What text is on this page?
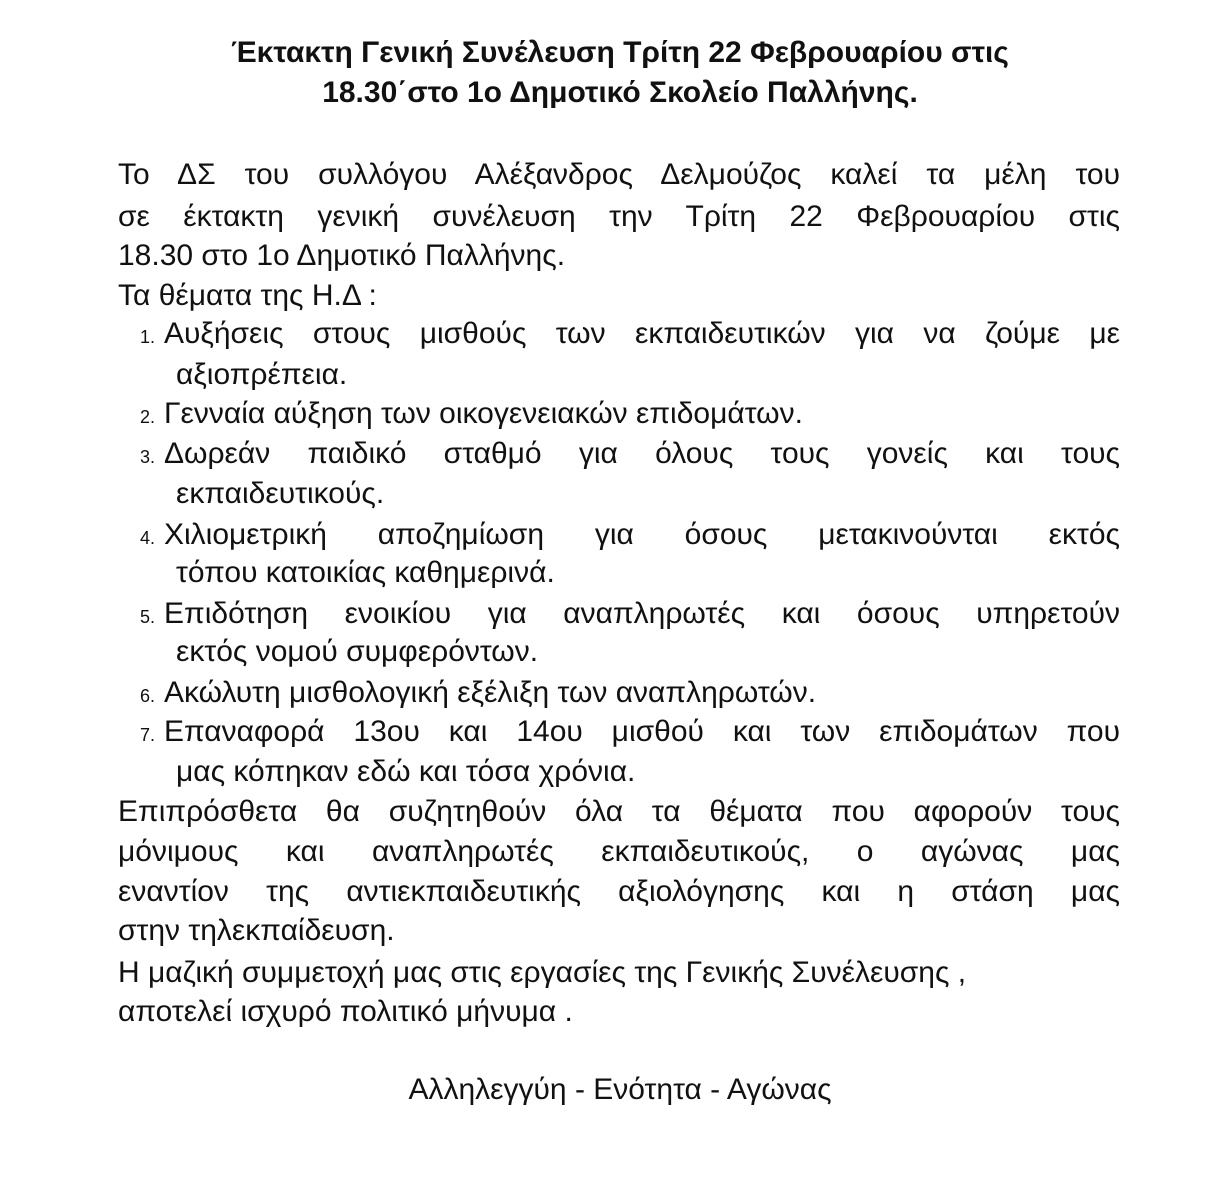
Έκτακτη Γενική Συνέλευση Τρίτη 22 Φεβρουαρίου στις
18.30΄στο 1ο Δημοτικό Σκολείο Παλλήνης.

Το ΔΣ του συλλόγου Αλέξανδρος Δελμούζος καλεί τα μέλη του

σε έκτακτη γενική συνέλευση την Τρίτη 22 Φεβρουαρίου στις

18.30 στο 1ο Δημοτικό Παλλήνης.

Τα θέματα της Η.Δ :

1. Αυξήσεις στους μισθούς των εκπαιδευτικών για να ζούμε με

αξιοπρέπεια.

2. Γενναία αύξηση των οικογενειακών επιδομάτων.
3. Δωρεάν παιδικό σταθμό για όλους τους γονείς και τους

εκπαιδευτικούς.

4. Χιλιομετρική αποζημίωση για όσους μετακινούνται εκτός

τόπου κατοικίας καθημερινά.

5. Επιδότηση ενοικίου για αναπληρωτές και όσους υπηρετούν

εκτός νομού συμφερόντων.

6. Ακώλυτη μισθολογική εξέλιξη των αναπληρωτών.
7. Επαναφορά 13ου και 14ου μισθού και των επιδομάτων που

μας κόπηκαν εδώ και τόσα χρόνια.

Επιπρόσθετα θα συζητηθούν όλα τα θέματα που αφορούν τους

μόνιμους και αναπληρωτές εκπαιδευτικούς, ο αγώνας μας

εναντίον της αντιεκπαιδευτικής αξιολόγησης και η στάση μας

στην τηλεκπαίδευση.

Η μαζική συμμετοχή μας στις εργασίες της Γενικής Συνέλευσης ,

αποτελεί ισχυρό πολιτικό μήνυμα .

Αλληλεγγύη - Ενότητα - Αγώνας
